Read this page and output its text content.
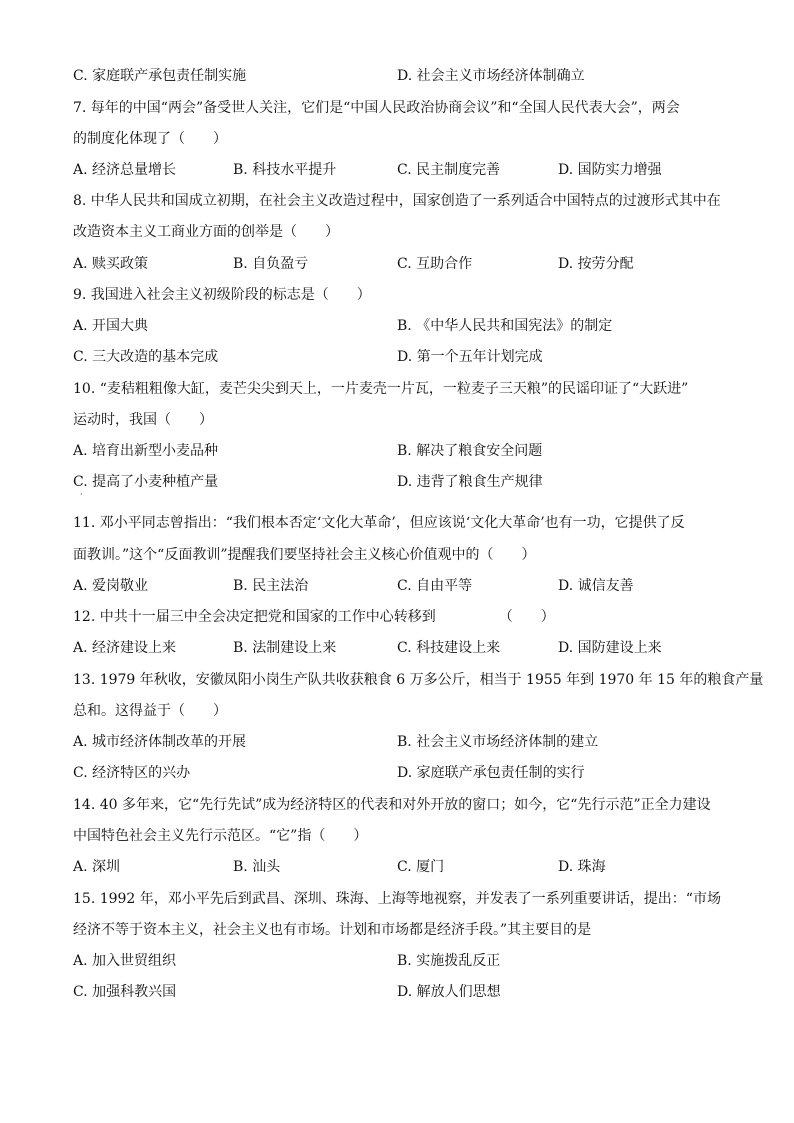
C. 家庭联产承包责任制实施	D. 社会主义市场经济体制确立
7. 每年的中国“两会”备受世人关注，它们是“中国人民政治协商会议”和“全国人民代表大会”，两会
的制度化体现了（　　）
A. 经济总量增长	B. 科技水平提升	C. 民主制度完善	D. 国防实力增强
8. 中华人民共和国成立初期，在社会主义改造过程中，国家创造了一系列适合中国特点的过渡形式其中在
改造资本主义工商业方面的创举是（　　）
A. 赎买政策	B. 自负盈亏	C. 互助合作	D. 按劳分配
9. 我国进入社会主义初级阶段的标志是（　　）
A. 开国大典	B. 《中华人民共和国宪法》的制定
C. 三大改造的基本完成	D. 第一个五年计划完成
10. “麦秸粗粗像大缸，麦芒尖尖到天上，一片麦壳一片瓦，一粒麦子三天粮”的民谣印证了“大跃进”
运动时，我国（　　）
A. 培育出新型小麦品种	B. 解决了粮食安全问题
C. 提高了小麦种植产量	D. 违背了粮食生产规律
·
11. 邓小平同志曾指出：“我们根本否定‘文化大革命’，但应该说‘文化大革命’也有一功，它提供了反
面教训。”这个“反面教训”提醒我们要坚持社会主义核心价值观中的（　　）
A. 爱岗敬业	B. 民主法治	C. 自由平等	D. 诚信友善
12. 中共十一届三中全会决定把党和国家的工作中心转移到　　　　　（　　）
A. 经济建设上来	B. 法制建设上来	C. 科技建设上来	D. 国防建设上来
13. 1979 年秋收，安徽凤阳小岗生产队共收获粮食 6 万多公斤，相当于 1955 年到 1970 年 15 年的粮食产量
总和。这得益于（　　）
A. 城市经济体制改革的开展	B. 社会主义市场经济体制的建立
C. 经济特区的兴办	D. 家庭联产承包责任制的实行
14. 40 多年来，它“先行先试”成为经济特区的代表和对外开放的窗口；如今，它“先行示范”正全力建设
中国特色社会主义先行示范区。“它”指（　　）
A. 深圳	B. 汕头	C. 厦门	D. 珠海
15. 1992 年，邓小平先后到武昌、深圳、珠海、上海等地视察，并发表了一系列重要讲话，提出：“市场
经济不等于资本主义，社会主义也有市场。计划和市场都是经济手段。”其主要目的是
A. 加入世贸组织	B. 实施拨乱反正
C. 加强科教兴国	D. 解放人们思想
